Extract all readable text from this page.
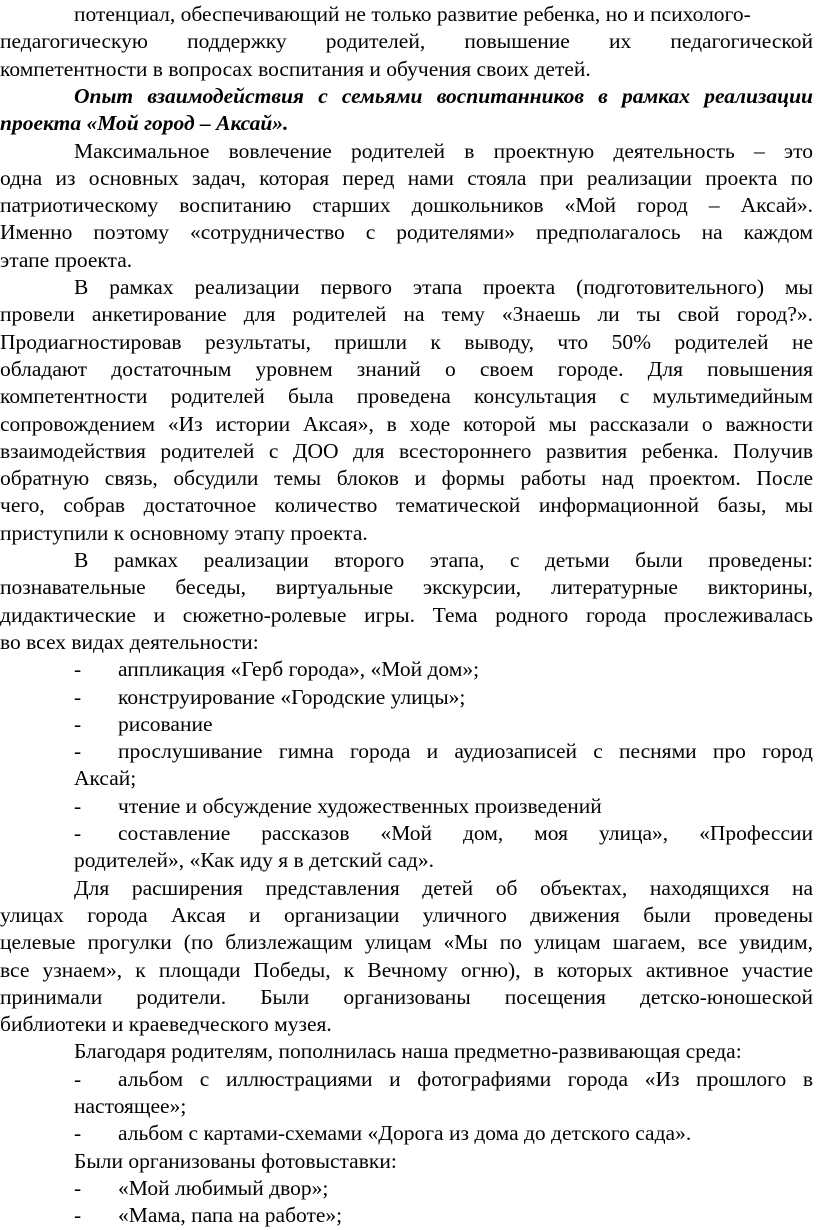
потенциал, обеспечивающий не только развитие ребенка, но и психолого-
педагогическую поддержку родителей, повышение их педагогической
компетентности в вопросах воспитания и обучения своих детей.
Опыт взаимодействия с семьями воспитанников в рамках реализации
проекта «Мой город – Аксай».
Максимальное вовлечение родителей в проектную деятельность – это
одна из основных задач, которая перед нами стояла при реализации проекта по
патриотическому воспитанию старших дошкольников «Мой город – Аксай».
Именно поэтому «сотрудничество с родителями» предполагалось на каждом
этапе проекта.
В рамках реализации первого этапа проекта (подготовительного) мы
провели анкетирование для родителей на тему «Знаешь ли ты свой город?».
Продиагностировав результаты, пришли к выводу, что 50% родителей не
обладают достаточным уровнем знаний о своем городе. Для повышения
компетентности родителей была проведена консультация с мультимедийным
сопровождением «Из истории Аксая», в ходе которой мы рассказали о важности
взаимодействия родителей с ДОО для всестороннего развития ребенка. Получив
обратную связь, обсудили темы блоков и формы работы над проектом. После
чего, собрав достаточное количество тематической информационной базы, мы
приступили к основному этапу проекта.
В рамках реализации второго этапа, с детьми были проведены:
познавательные беседы, виртуальные экскурсии, литературные викторины,
дидактические и сюжетно-ролевые игры. Тема родного города прослеживалась
во всех видах деятельности:
- аппликация «Герб города», «Мой дом»;
- конструирование «Городские улицы»;
- рисование
- прослушивание гимна города и аудиозаписей с песнями про город
Аксай;
- чтение и обсуждение художественных произведений
- составление рассказов «Мой дом, моя улица», «Профессии
родителей», «Как иду я в детский сад».
Для расширения представления детей об объектах, находящихся на
улицах города Аксая и организации уличного движения были проведены
целевые прогулки (по близлежащим улицам «Мы по улицам шагаем, все увидим,
все узнаем», к площади Победы, к Вечному огню), в которых активное участие
принимали родители. Были организованы посещения детско-юношеской
библиотеки и краеведческого музея.
Благодаря родителям, пополнилась наша предметно-развивающая среда:
- альбом с иллюстрациями и фотографиями города «Из прошлого в
настоящее»;
- альбом с картами-схемами «Дорога из дома до детского сада».
Были организованы фотовыставки:
- «Мой любимый двор»;
- «Мама, папа на работе»;
